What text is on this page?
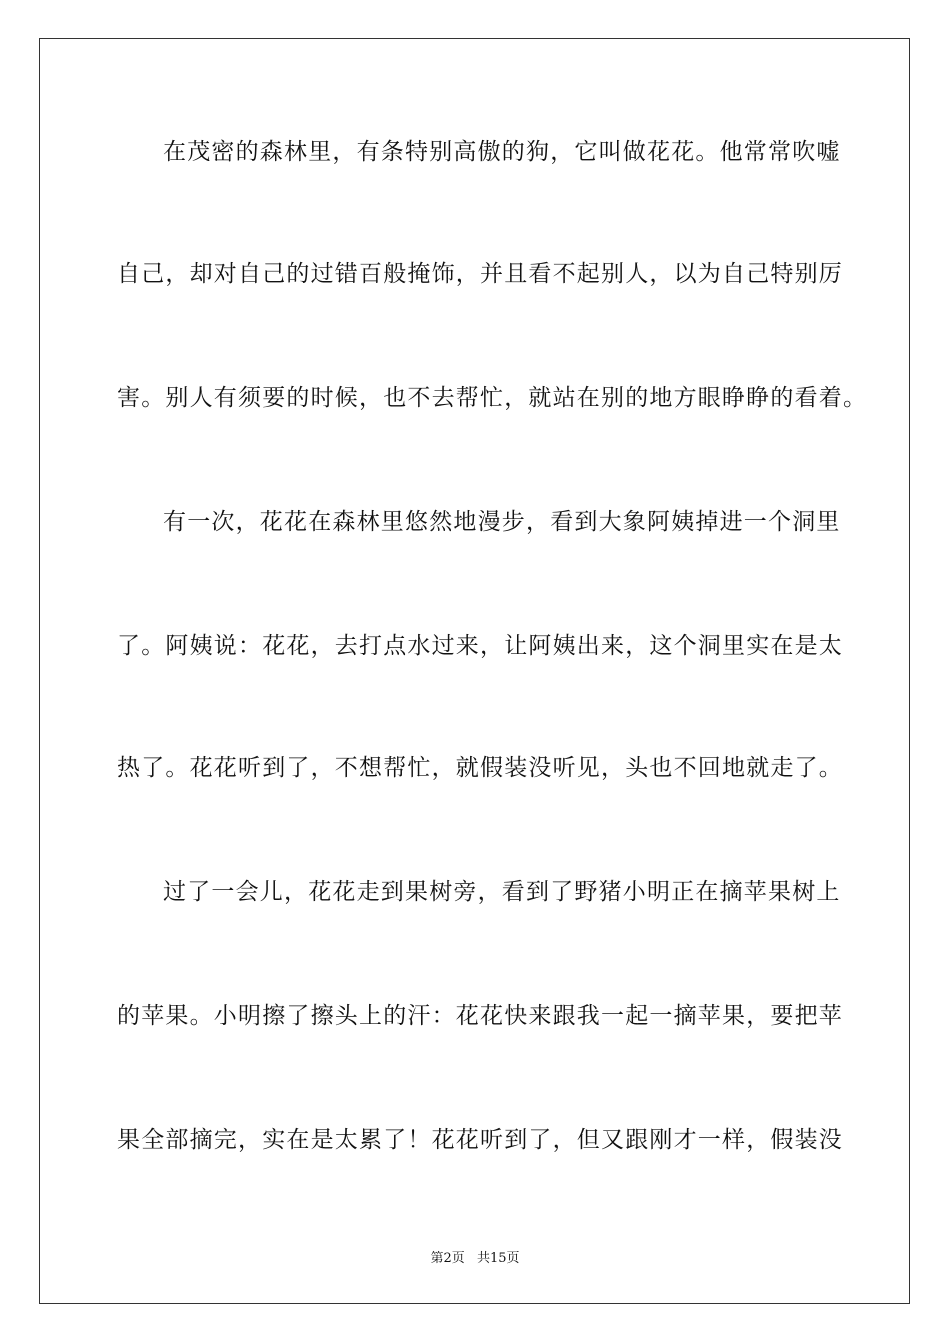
在茂密的森林里，有条特别高傲的狗，它叫做花花。他常常吹嘘
自己，却对自己的过错百般掩饰，并且看不起别人，以为自己特别厉
害。别人有须要的时候，也不去帮忙，就站在别的地方眼睁睁的看着。
有一次，花花在森林里悠然地漫步，看到大象阿姨掉进一个洞里
了。阿姨说：花花，去打点水过来，让阿姨出来，这个洞里实在是太
热了。花花听到了，不想帮忙，就假装没听见，头也不回地就走了。
过了一会儿，花花走到果树旁，看到了野猪小明正在摘苹果树上
的苹果。小明擦了擦头上的汗：花花快来跟我一起一摘苹果，要把苹
果全部摘完，实在是太累了！花花听到了，但又跟刚才一样，假装没
第2页 共15页
